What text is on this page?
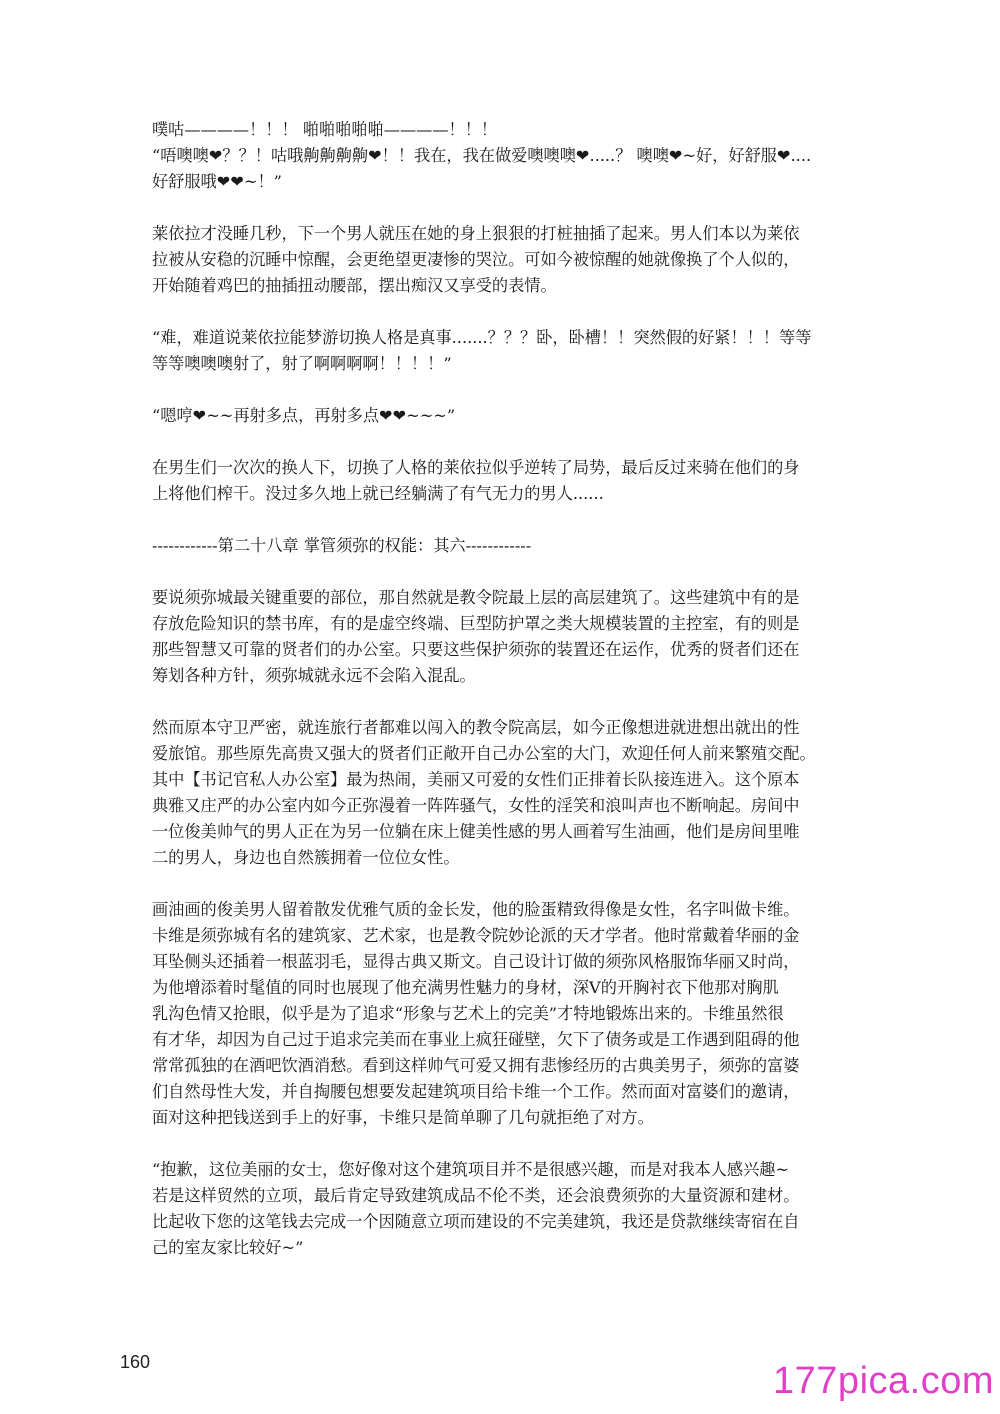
噗咕————！！！ 啪啪啪啪啪————！！！
“唔噢噢❤？？！咕哦齁齁齁齁❤！！我在，我在做爱噢噢噢❤.....？ 噢噢❤~好，好舒服❤....
好舒服哦❤❤~！”
莱依拉才没睡几秒，下一个男人就压在她的身上狠狠的打桩抽插了起来。男人们本以为莱依
拉被从安稳的沉睡中惊醒，会更绝望更凄惨的哭泣。可如今被惊醒的她就像换了个人似的，
开始随着鸡巴的抽插扭动腰部，摆出痴汉又享受的表情。
“难，难道说莱依拉能梦游切换人格是真事.......？？？卧，卧槽！！突然假的好紧！！！等等
等等噢噢噢射了，射了啊啊啊啊！！！！”
“嗯哼❤~~再射多点，再射多点❤❤~~~”
在男生们一次次的换人下，切换了人格的莱依拉似乎逆转了局势，最后反过来骑在他们的身
上将他们榨干。没过多久地上就已经躺满了有气无力的男人......
------------第二十八章 掌管须弥的权能：其六------------
要说须弥城最关键重要的部位，那自然就是教令院最上层的高层建筑了。这些建筑中有的是
存放危险知识的禁书库，有的是虚空终端、巨型防护罩之类大规模装置的主控室，有的则是
那些智慧又可靠的贤者们的办公室。只要这些保护须弥的装置还在运作，优秀的贤者们还在
筹划各种方针，须弥城就永远不会陷入混乱。
然而原本守卫严密，就连旅行者都难以闯入的教令院高层，如今正像想进就进想出就出的性
爱旅馆。那些原先高贵又强大的贤者们正敞开自己办公室的大门，欢迎任何人前来繁殖交配。
其中【书记官私人办公室】最为热闹，美丽又可爱的女性们正排着长队接连进入。这个原本
典雅又庄严的办公室内如今正弥漫着一阵阵骚气，女性的淫笑和浪叫声也不断响起。房间中
一位俊美帅气的男人正在为另一位躺在床上健美性感的男人画着写生油画，他们是房间里唯
二的男人，身边也自然簇拥着一位位女性。
画油画的俊美男人留着散发优雅气质的金长发，他的脸蛋精致得像是女性，名字叫做卡维。
卡维是须弥城有名的建筑家、艺术家，也是教令院妙论派的天才学者。他时常戴着华丽的金
耳坠侧头还插着一根蓝羽毛，显得古典又斯文。自己设计订做的须弥风格服饰华丽又时尚，
为他增添着时髦值的同时也展现了他充满男性魅力的身材，深V的开胸衬衣下他那对胸肌
乳沟色情又抢眼，似乎是为了追求“形象与艺术上的完美”才特地锻炼出来的。卡维虽然很
有才华，却因为自己过于追求完美而在事业上疯狂碰壁，欠下了债务或是工作遇到阻碍的他
常常孤独的在酒吧饮酒消愁。看到这样帅气可爱又拥有悲惨经历的古典美男子，须弥的富婆
们自然母性大发，并自掏腰包想要发起建筑项目给卡维一个工作。然而面对富婆们的邀请，
面对这种把钱送到手上的好事，卡维只是简单聊了几句就拒绝了对方。
“抱歉，这位美丽的女士，您好像对这个建筑项目并不是很感兴趣，而是对我本人感兴趣~
若是这样贸然的立项，最后肯定导致建筑成品不伦不类，还会浪费须弥的大量资源和建材。
比起收下您的这笔钱去完成一个因随意立项而建设的不完美建筑，我还是贷款继续寄宿在自
己的室友家比较好~”
160	177pica.com
